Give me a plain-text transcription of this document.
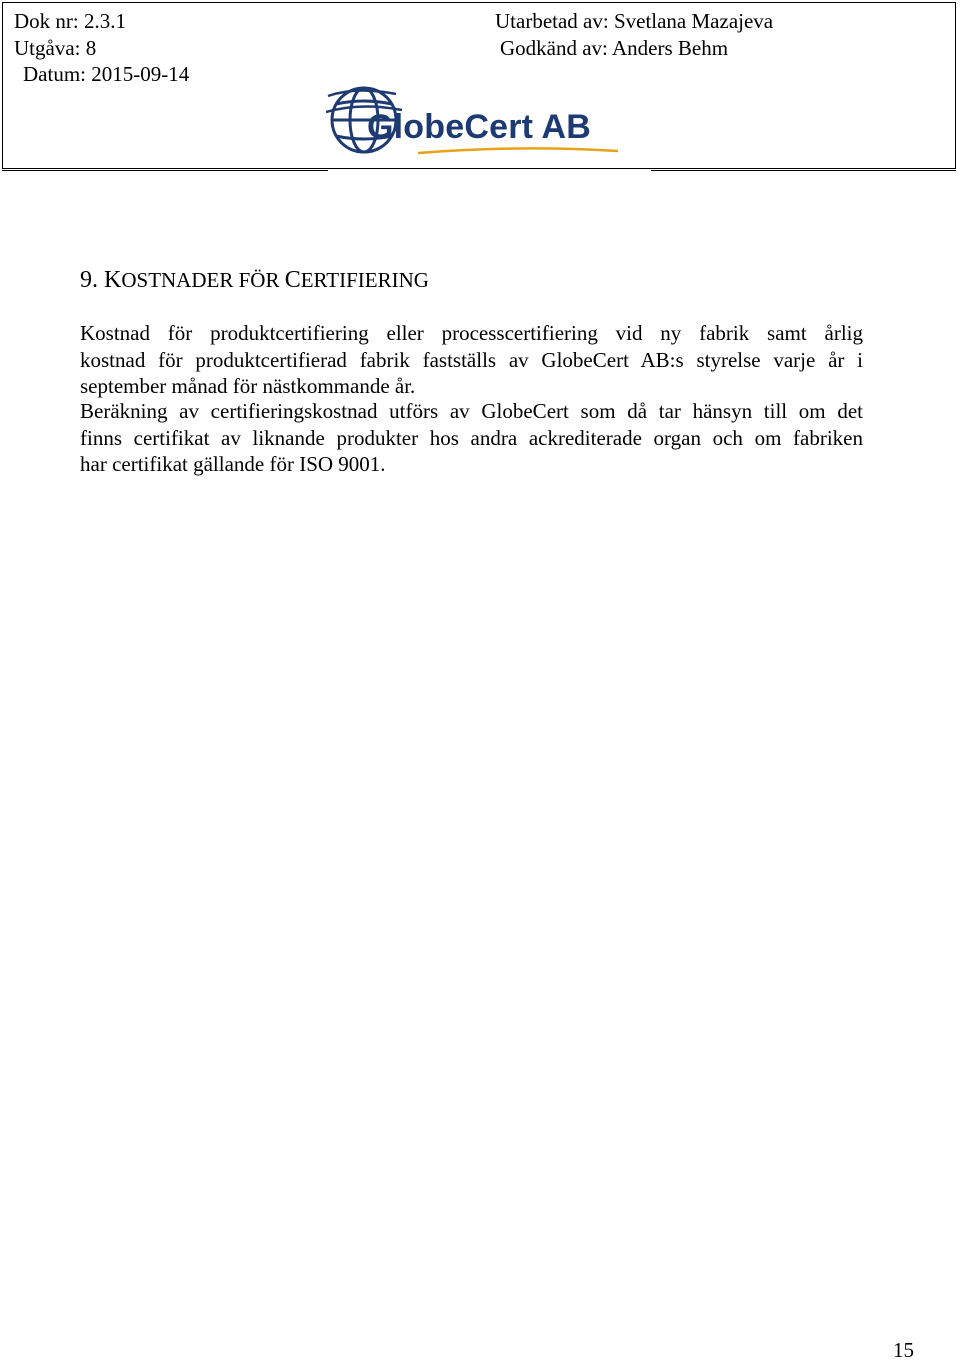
Dok nr: 2.3.1
Utgåva: 8
Datum: 2015-09-14
Utarbetad av: Svetlana Mazajeva
Godkänd av: Anders Behm
GlobeCert AB
9. KOSTNADER FÖR CERTIFIERING
Kostnad för produktcertifiering eller processcertifiering vid ny fabrik samt årlig
kostnad för produktcertifierad fabrik fastställs av GlobeCert AB:s styrelse varje år i
september månad för nästkommande år.
Beräkning av certifieringskostnad utförs av GlobeCert som då tar hänsyn till om det
finns certifikat av liknande produkter hos andra ackrediterade organ och om fabriken
har certifikat gällande för ISO 9001.
15
